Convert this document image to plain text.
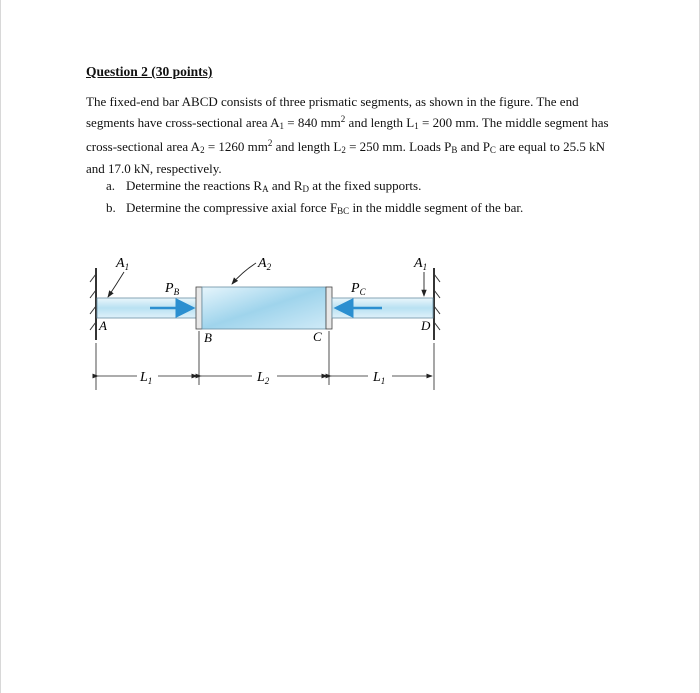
Question 2 (30 points)
The fixed-end bar ABCD consists of three prismatic segments, as shown in the figure. The end segments have cross-sectional area $A_1 = 840$ $mm^2$ and length $L_1 = 200$ mm. The middle segment has cross-sectional area $A_2 = 1260$ $mm^2$ and length $L_2 = 250$ mm. Loads $P_B$ and $P_C$ are equal to 25.5 kN and 17.0 kN, respectively.
a. Determine the reactions $R_A$ and $R_D$ at the fixed supports.
b. Determine the compressive axial force $F_{BC}$ in the middle segment of the bar.
$A_1$	$A_2$	$A_1$
$P_B$	$P_C$
A
B	C
D
$L_1$	$L_2$	$L_1$
